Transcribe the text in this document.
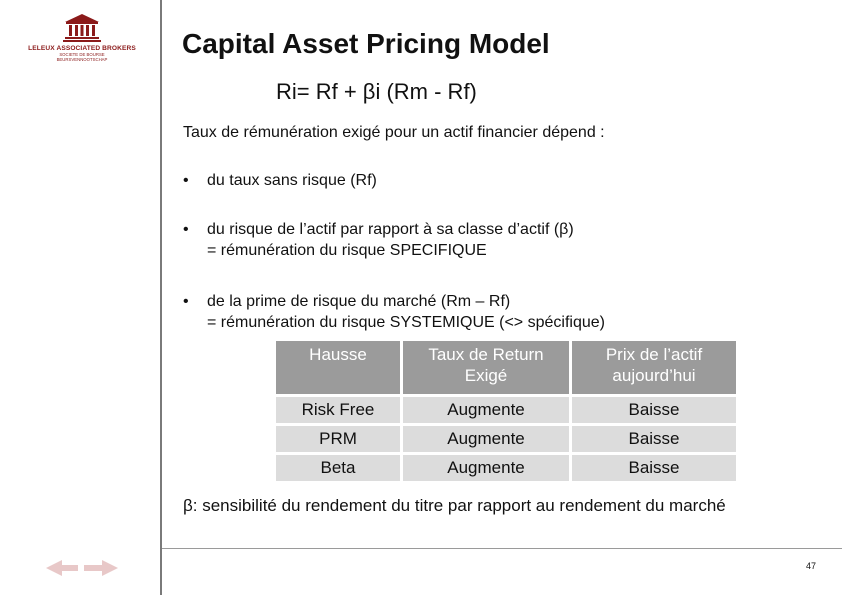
LELEUX ASSOCIATED BROKERS
SOCIETE DE BOURSE
BEURSVENNOOTSCHAP
Capital Asset Pricing Model
Ri= Rf + βi (Rm - Rf)
Taux de rémunération exigé pour un actif financier dépend :
• du taux sans risque (Rf)
• du risque de l’actif par rapport à sa classe d’actif (β)
= rémunération du risque SPECIFIQUE
• de la prime de risque du marché (Rm – Rf)
= rémunération du risque SYSTEMIQUE (<> spécifique)
Hausse	Taux de Return Exigé	Prix de l’actif aujourd’hui
Risk Free	Augmente	Baisse
PRM	Augmente	Baisse
Beta	Augmente	Baisse
β: sensibilité du rendement du titre par rapport au rendement du marché
47
